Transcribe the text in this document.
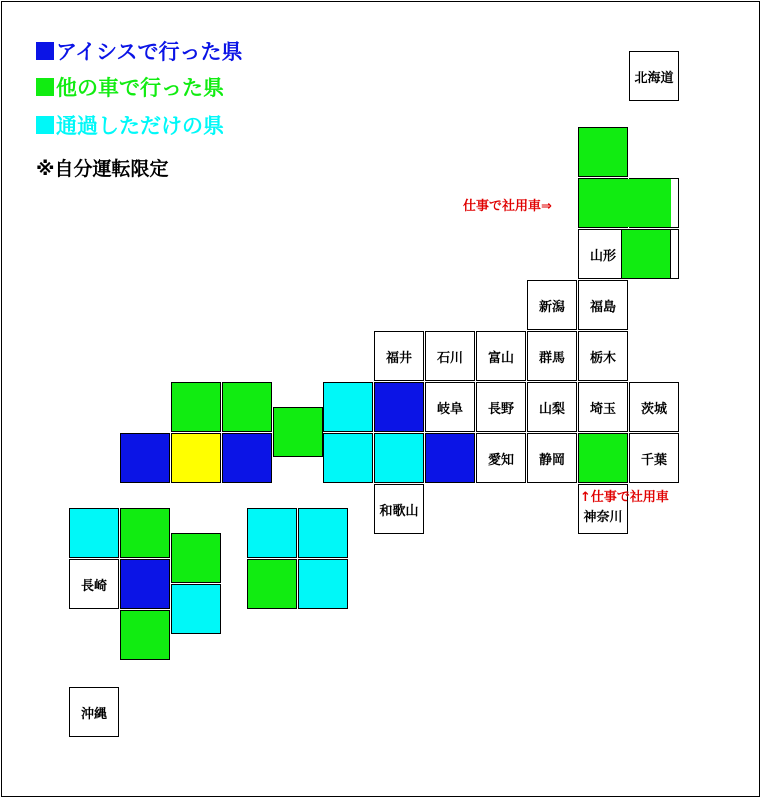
アイシスで行った県
他の車で行った県
通過しただけの県
※自分運転限定
北海道
山形
新潟	福島
福井	石川	富山	群馬	栃木
岐阜	長野	山梨	埼玉	茨城
愛知	静岡	千葉
和歌山	神奈川
長崎
沖縄
仕事で社用車⇒
↑仕事で社用車
